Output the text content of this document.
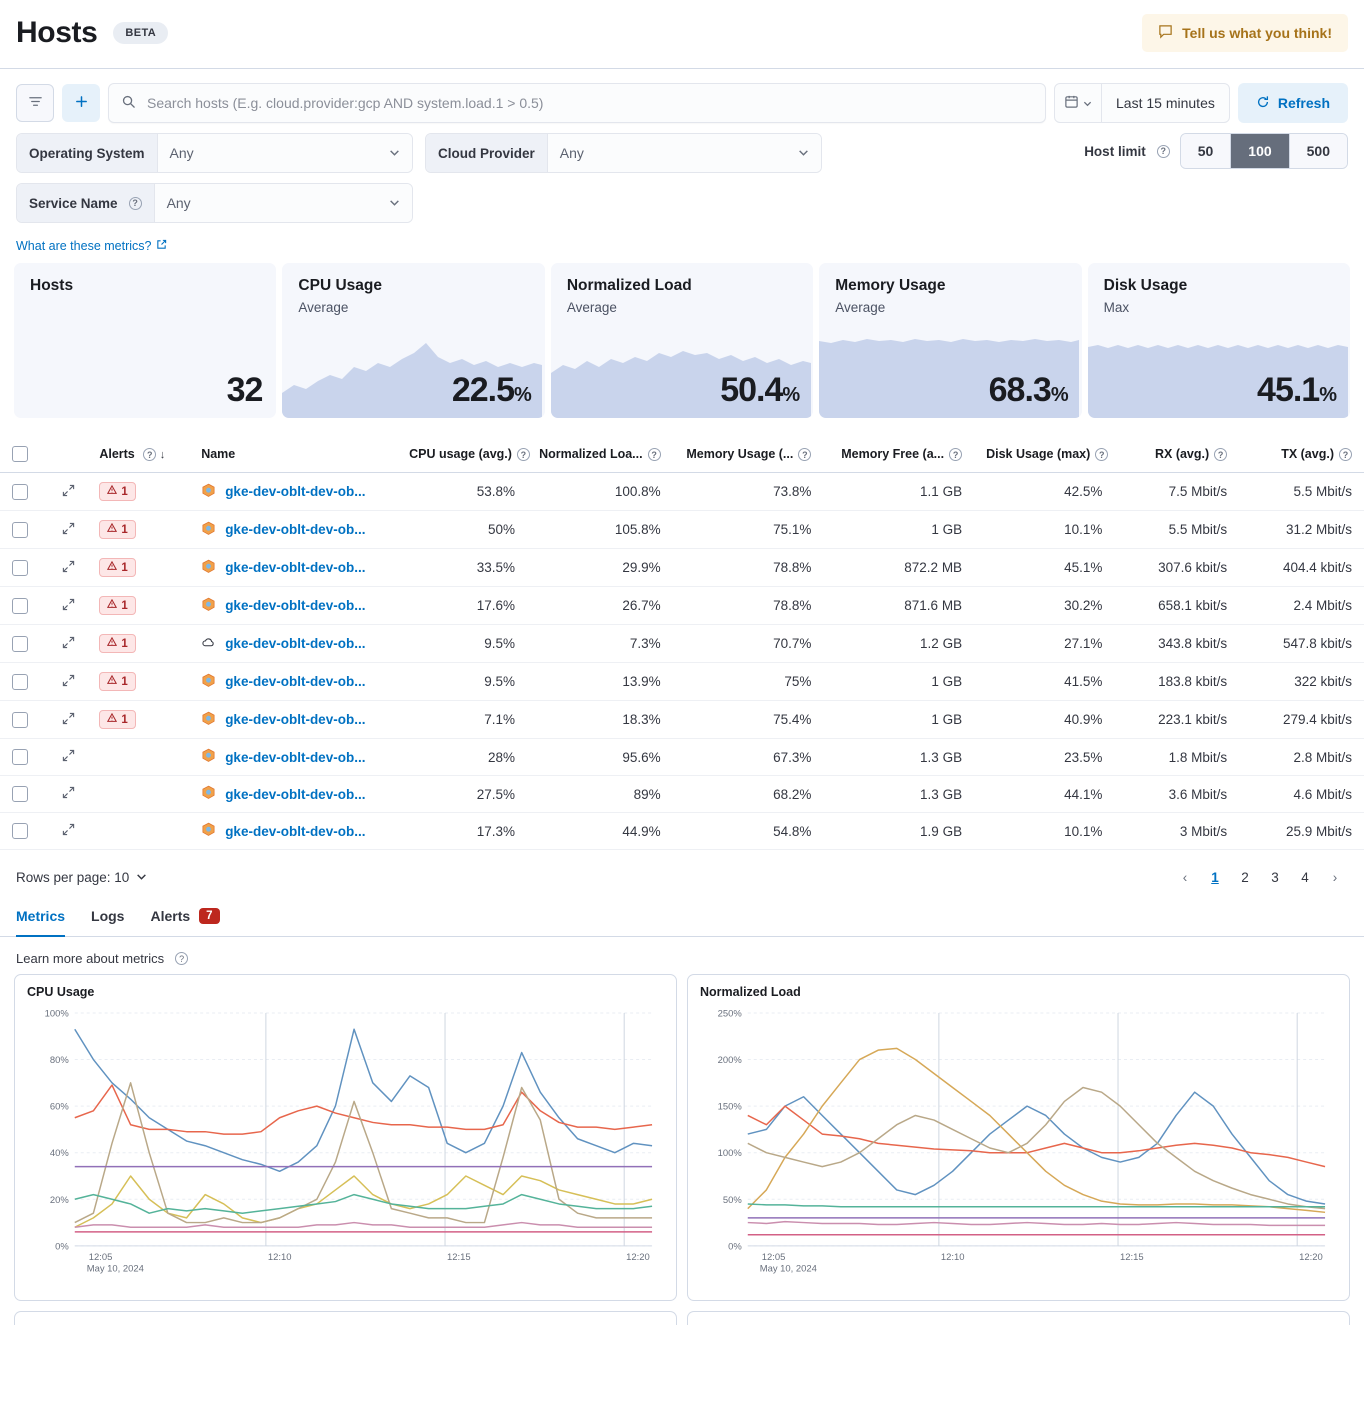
Hosts	BETA	Tell us what you think!
Search hosts (E.g. cloud.provider:gcp AND system.load.1 > 0.5)
Last 15 minutes	Refresh
Operating System Any	Cloud Provider Any
Service Name	? Any
Host limit	?	50	100	500
What are these metrics?
Hosts
32
CPU Usage
Average
22.5%
Normalized Load
Average
50.4%
Memory Usage
Average
68.3%
Disk Usage
Max
45.1%
		Alerts ? ↓	Name	CPU usage (avg.) ?	Normalized Loa... ?	Memory Usage (... ?	Memory Free (a... ?	Disk Usage (max) ?	RX (avg.) ?	TX (avg.) ?

1	gke-dev-oblt-dev-ob...	53.8%	100.8%	73.8%	1.1 GB	42.5%	7.5 Mbit/s	5.5 Mbit/s

1	gke-dev-oblt-dev-ob...	50%	105.8%	75.1%	1 GB	10.1%	5.5 Mbit/s	31.2 Mbit/s

1	gke-dev-oblt-dev-ob...	33.5%	29.9%	78.8%	872.2 MB	45.1%	307.6 kbit/s	404.4 kbit/s

1	gke-dev-oblt-dev-ob...	17.6%	26.7%	78.8%	871.6 MB	30.2%	658.1 kbit/s	2.4 Mbit/s

1	gke-dev-oblt-dev-ob...	9.5%	7.3%	70.7%	1.2 GB	27.1%	343.8 kbit/s	547.8 kbit/s

1	gke-dev-oblt-dev-ob...	9.5%	13.9%	75%	1 GB	41.5%	183.8 kbit/s	322 kbit/s

1	gke-dev-oblt-dev-ob...	7.1%	18.3%	75.4%	1 GB	40.9%	223.1 kbit/s	279.4 kbit/s

gke-dev-oblt-dev-ob...	28%	95.6%	67.3%	1.3 GB	23.5%	1.8 Mbit/s	2.8 Mbit/s

gke-dev-oblt-dev-ob...	27.5%	89%	68.2%	1.3 GB	44.1%	3.6 Mbit/s	4.6 Mbit/s

gke-dev-oblt-dev-ob...	17.3%	44.9%	54.8%	1.9 GB	10.1%	3 Mbit/s	25.9 Mbit/s
Rows per page: 10	‹	1	2	3	4	›
Metrics Logs Alerts	7
Learn more about metrics	?
CPU Usage
0%
20%
40%
60%
80%
100%
12:05	12:10	12:15	12:20
May 10, 2024
Normalized Load
0%
50%
100%
150%
200%
250%
12:05	12:10	12:15	12:20
May 10, 2024
